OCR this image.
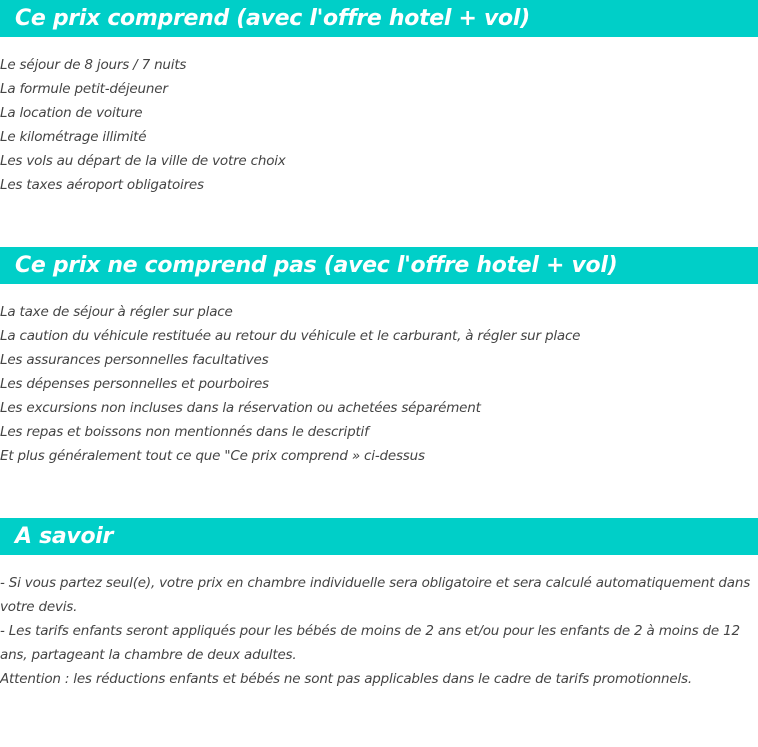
Ce prix comprend (avec l'offre hotel + vol)
Le séjour de 8 jours / 7 nuits
La formule petit-déjeuner
La location de voiture
Le kilométrage illimité
Les vols au départ de la ville de votre choix
Les taxes aéroport obligatoires
Ce prix ne comprend pas (avec l'offre hotel + vol)
La taxe de séjour à régler sur place
La caution du véhicule restituée au retour du véhicule et le carburant, à régler sur place
Les assurances personnelles facultatives
Les dépenses personnelles et pourboires
Les excursions non incluses dans la réservation ou achetées séparément
Les repas et boissons non mentionnés dans le descriptif
Et plus généralement tout ce que "Ce prix comprend » ci-dessus
A savoir

- Si vous partez seul(e), votre prix en chambre individuelle sera obligatoire et sera calculé automatiquement dans votre devis.

- Les tarifs enfants seront appliqués pour les bébés de moins de 2 ans et/ou pour les enfants de 2 à moins de 12 ans, partageant la chambre de deux adultes.

Attention : les réductions enfants et bébés ne sont pas applicables dans le cadre de tarifs promotionnels.
